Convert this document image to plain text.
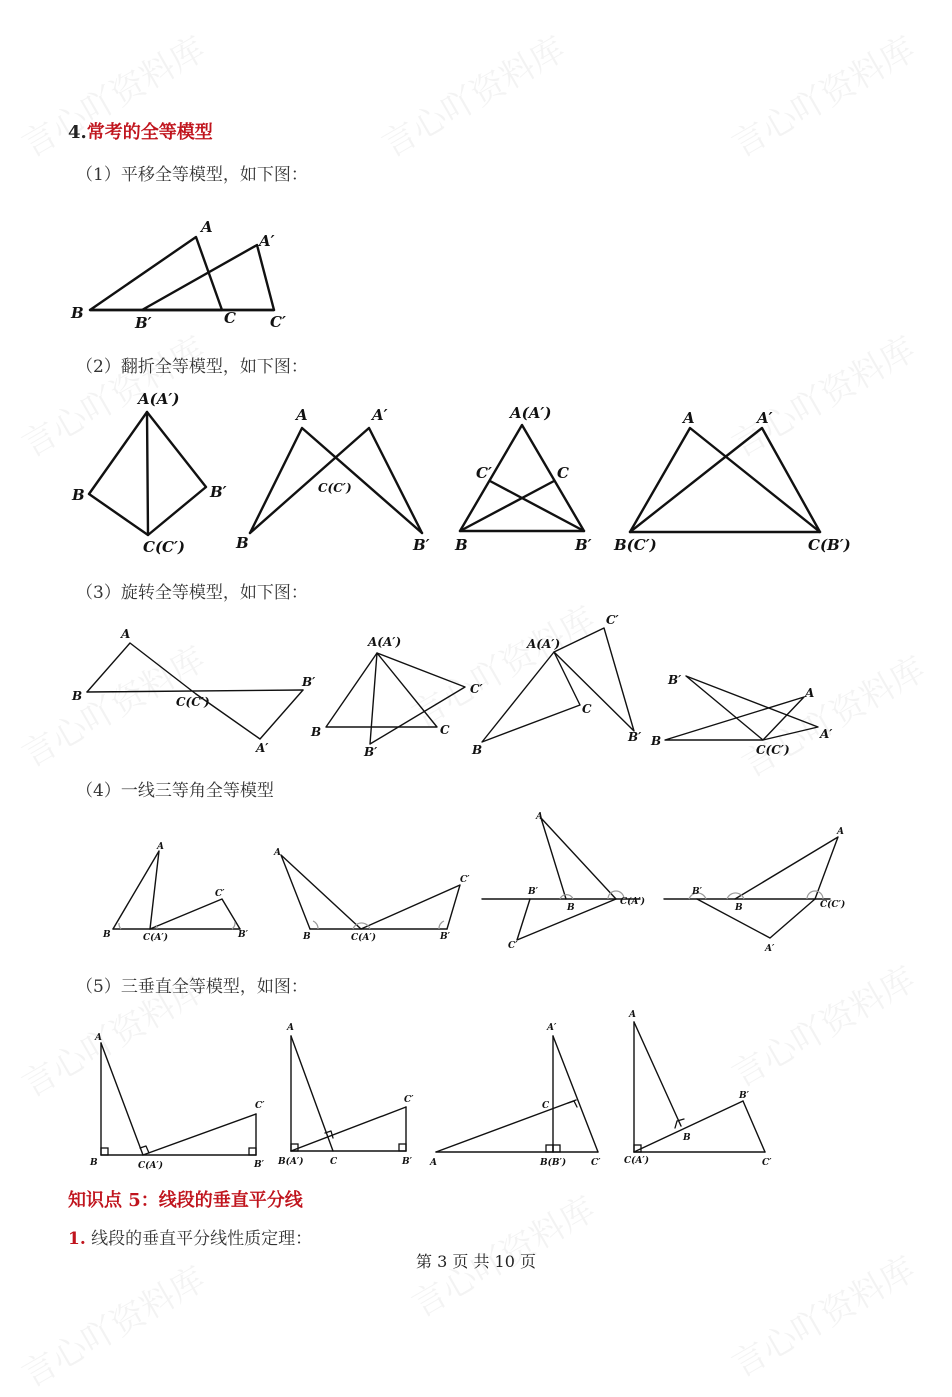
4.常考的全等模型
（1）平移全等模型，如下图：
A
A′
B
B′	C C′
（2）翻折全等模型，如下图：
A(A′)
B	B′
C(C′)
A	A′
C(C′)
B	B′
A(A′)
C′	C
B	B′
A	A′
B(C′)	C(B′)
（3）旋转全等模型，如下图：
A
B	C(C′)
B′
A′
A(A′)
B	C
C′
B′
A(A′)
C′
C
B
B′
B′
A
A′
B
C(C′)
（4）一线三等角全等模型
A
C′
B	C(A′)	B′
A
C′
B	C(A′)	B′
A
B′
B
C(A′)
C′
A
B′
B	C(C′)
A′
（5）三垂直全等模型，如图：
A
B	C(A′)
C′
B′
A
B(A′)	C
C′
B′
A′
C
A	B(B′)	C′
A
B′
B
C(A′)	C′
知识点 5：线段的垂直平分线
1. 线段的垂直平分线性质定理：
第 3 页 共 10 页
